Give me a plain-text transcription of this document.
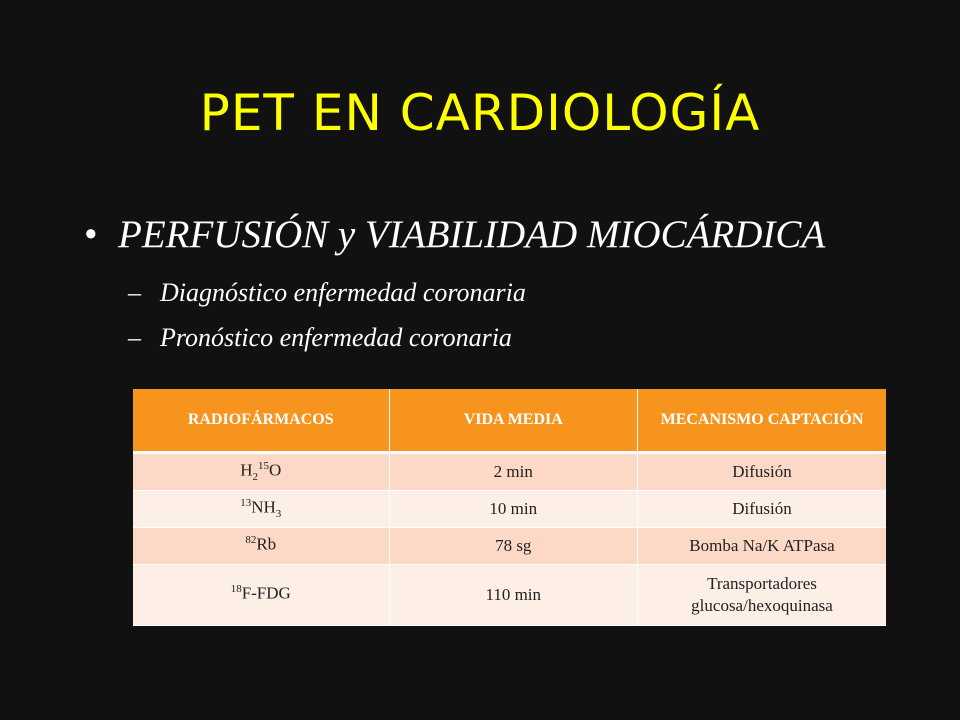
PET EN CARDIOLOGÍA
• PERFUSIÓN y VIABILIDAD MIOCÁRDICA
– Diagnóstico enfermedad coronaria
– Pronóstico enfermedad coronaria
RADIOFÁRMACOS	VIDA MEDIA	MECANISMO CAPTACIÓN
$H_2^{15}O$	2 min	Difusión
$^{13}NH_3$	10 min	Difusión
$^{82}$Rb	78 sg	Bomba Na/K ATPasa
$^{18}$F-FDG	110 min	Transportadores glucosa/hexoquinasa
